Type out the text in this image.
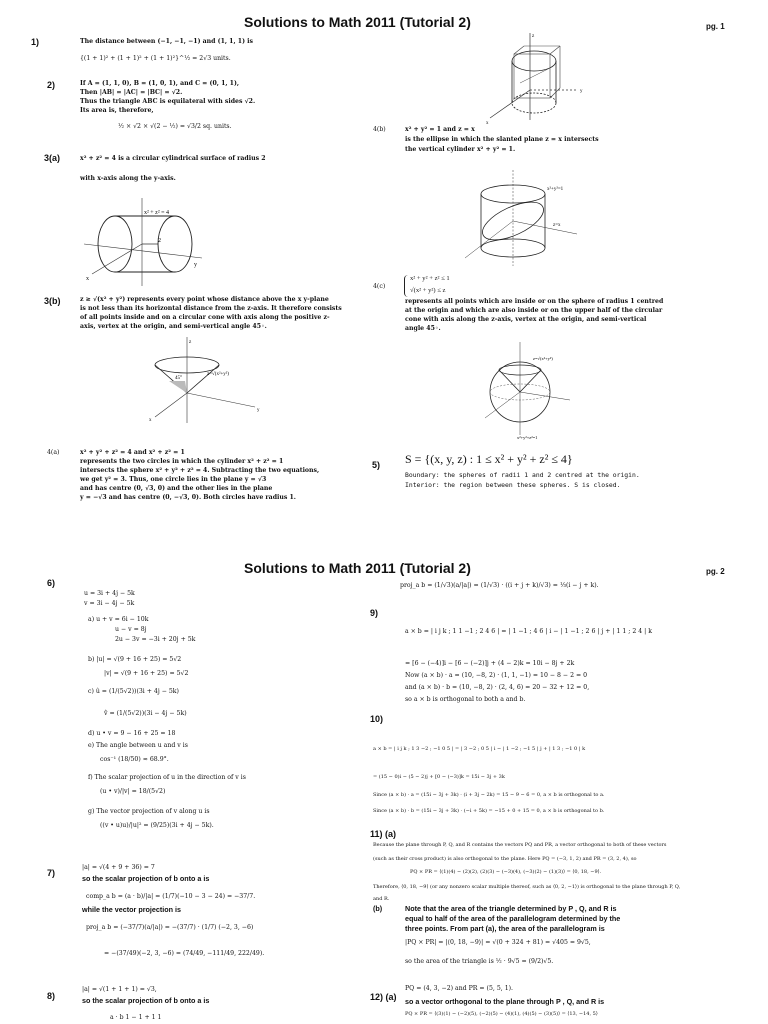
Solutions to Math 2011 (Tutorial 2)	pg. 1
1)	The distance between (−1, −1, −1) and (1, 1, 1) is
{(1 + 1)² + (1 + 1)² + (1 + 1)²}^½ = 2√3 units.
2)	If A = (1, 1, 0), B = (1, 0, 1), and C = (0, 1, 1),
Then |AB| = |AC| = |BC| = √2.
Thus the triangle ABC is equilateral with sides √2.
Its area is, therefore,
½ × √2 × √(2 − ½) = √3/2 sq. units.
z
y
x
3(a)	x² + z² = 4 is a circular cylindrical surface of radius 2
with x-axis along the y-axis.
x² + z² = 4
2
x
y
3(b)	z ≥ √(x² + y²) represents every point whose distance above the x y-plane
is not less than its horizontal distance from the z-axis. It therefore consists
of all points inside and on a circular cone with axis along the positive z-
axis, vertex at the origin, and semi-vertical angle 45◦.
45°
z=√(x²+y²)
z
x
y
4(a)	x² + y² + z² = 4 and x² + z² = 1
represents the two circles in which the cylinder x² + z² = 1
intersects the sphere x² + y² + z² = 4. Subtracting the two equations,
we get y² = 3. Thus, one circle lies in the plane y = √3
and has centre (0, √3, 0) and the other lies in the plane
y = −√3 and has centre (0, −√3, 0). Both circles have radius 1.
4(b)	x² + y² = 1 and z = x
is the ellipse in which the slanted plane z = x intersects
the vertical cylinder x² + y² = 1.
x²+y²=1
z=x
4(c)
x² + y² + z² ≤ 1
√(x² + y²) ≤ z
represents all points which are inside or on the sphere of radius 1 centred
at the origin and which are also inside or on the upper half of the circular
cone with axis along the z-axis, vertex at the origin, and semi-vertical
angle 45◦.
z=√(x²+y²)
x²+y²+z²=1
5) S = {(x, y, z) : 1 ≤ x² + y² + z² ≤ 4}
Boundary: the spheres of radii 1 and 2 centred at the origin.
Interior: the region between these spheres. S is closed.
Solutions to Math 2011 (Tutorial 2)	pg. 2
proj_a b = (1/√3)(a/|a|) = (1/√3) · ((i + j + k)/√3) = ⅓(i − j + k).
6)
u = 3i + 4j − 5k
v = 3i − 4j − 5k
a) u + v = 6i − 10k
u − v = 8j
2u − 3v = −3i + 20j + 5k
b) |u| = √(9 + 16 + 25) = 5√2
|v| = √(9 + 16 + 25) = 5√2
c) û = (1/(5√2))(3i + 4j − 5k)
v̂ = (1/(5√2))(3i − 4j − 5k)
d) u • v = 9 − 16 + 25 = 18
e) The angle between u and v is
cos⁻¹ (18/50) ≈ 68.9°.
f) The scalar projection of u in the direction of v is
(u • v)/|v| = 18/(5√2)
g) The vector projection of v along u is
((v • u)u)/|u|² = (9/25)(3i + 4j − 5k).
7)
|a| = √(4 + 9 + 36) = 7
so the scalar projection of b onto a is
comp_a b = (a · b)/|a| = (1/7)(−10 − 3 − 24) = −37/7.
while the vector projection is
proj_a b = (−37/7)(a/|a|) = −(37/7) · (1/7) (−2, 3, −6)
= −(37/49)(−2, 3, −6) = (74/49, −111/49, 222/49).
8)
|a| = √(1 + 1 + 1) = √3,
so the scalar projection of b onto a is
a · b 1 − 1 + 1 1
9)
a × b = | i j k ; 1 1 −1 ; 2 4 6 | = | 1 −1 ; 4 6 | i − | 1 −1 ; 2 6 | j + | 1 1 ; 2 4 | k
= [6 − (−4)]i − [6 − (−2)]j + (4 − 2)k = 10i − 8j + 2k
Now (a × b) · a = (10, −8, 2) · (1, 1, −1) = 10 − 8 − 2 = 0
and (a × b) · b = (10, −8, 2) · (2, 4, 6) = 20 − 32 + 12 = 0,
so a × b is orthogonal to both a and b.
10)
a × b = | i j k ; 1 3 −2 ; −1 0 5 | = | 3 −2 ; 0 5 | i − | 1 −2 ; −1 5 | j + | 1 3 ; −1 0 | k
= (15 − 0)i − (5 − 2)j + [0 − (−3)]k = 15i − 3j + 3k
Since (a × b) · a = (15i − 3j + 3k) · (i + 3j − 2k) = 15 − 9 − 6 = 0, a × b is orthogonal to a.
Since (a × b) · b = (15i − 3j + 3k) · (−i + 5k) = −15 + 0 + 15 = 0, a × b is orthogonal to b.
11) (a)
Because the plane through P, Q, and R contains the vectors PQ and PR, a vector orthogonal to both of these vectors
(such as their cross product) is also orthogonal to the plane. Here PQ = (−3, 1, 2) and PR = (3, 2, 4), so
PQ × PR = ⟨(1)(4) − (2)(2), (2)(3) − (−3)(4), (−3)(2) − (1)(3)⟩ = ⟨0, 18, −9⟩.
Therefore, ⟨0, 18, −9⟩ (or any nonzero scalar multiple thereof, such as ⟨0, 2, −1⟩) is orthogonal to the plane through P, Q,
and R.
(b)	Note that the area of the triangle determined by P , Q, and R is
equal to half of the area of the parallelogram determined by the
three points. From part (a), the area of the parallelogram is
|PQ × PR| = |⟨0, 18, −9⟩| = √(0 + 324 + 81) = √405 = 9√5,
so the area of the triangle is ½ · 9√5 = (9/2)√5.
12) (a)
PQ = (4, 3, −2) and PR = (5, 5, 1).
so a vector orthogonal to the plane through P , Q, and R is
PQ × PR = ⟨(3)(1) − (−2)(5), (−2)(5) − (4)(1), (4)(5) − (3)(5)⟩ = ⟨13, −14, 5⟩
